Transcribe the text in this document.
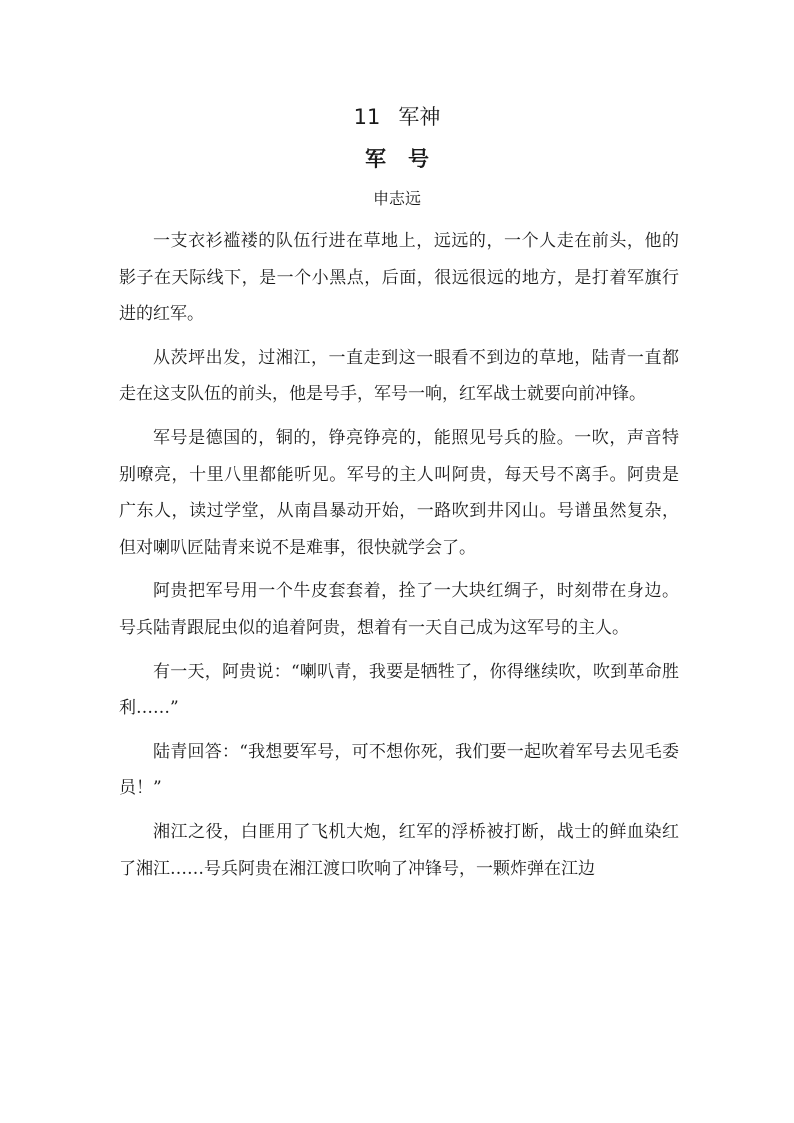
11 军神
军号
申志远

一支衣衫褴褛的队伍行进在草地上，远远的，一个人走在前头，他的影子在天际线下，是一个小黑点，后面，很远很远的地方，是打着军旗行进的红军。

从茨坪出发，过湘江，一直走到这一眼看不到边的草地，陆青一直都走在这支队伍的前头，他是号手，军号一响，红军战士就要向前冲锋。

军号是德国的，铜的，铮亮铮亮的，能照见号兵的脸。一吹，声音特别嘹亮，十里八里都能听见。军号的主人叫阿贵，每天号不离手。阿贵是广东人，读过学堂，从南昌暴动开始，一路吹到井冈山。号谱虽然复杂，但对喇叭匠陆青来说不是难事，很快就学会了。

阿贵把军号用一个牛皮套套着，拴了一大块红绸子，时刻带在身边。号兵陆青跟屁虫似的追着阿贵，想着有一天自己成为这军号的主人。

有一天，阿贵说：“喇叭青，我要是牺牲了，你得继续吹，吹到革命胜利……”

陆青回答：“我想要军号，可不想你死，我们要一起吹着军号去见毛委员！”

湘江之役，白匪用了飞机大炮，红军的浮桥被打断，战士的鲜血染红了湘江……号兵阿贵在湘江渡口吹响了冲锋号，一颗炸弹在江边
